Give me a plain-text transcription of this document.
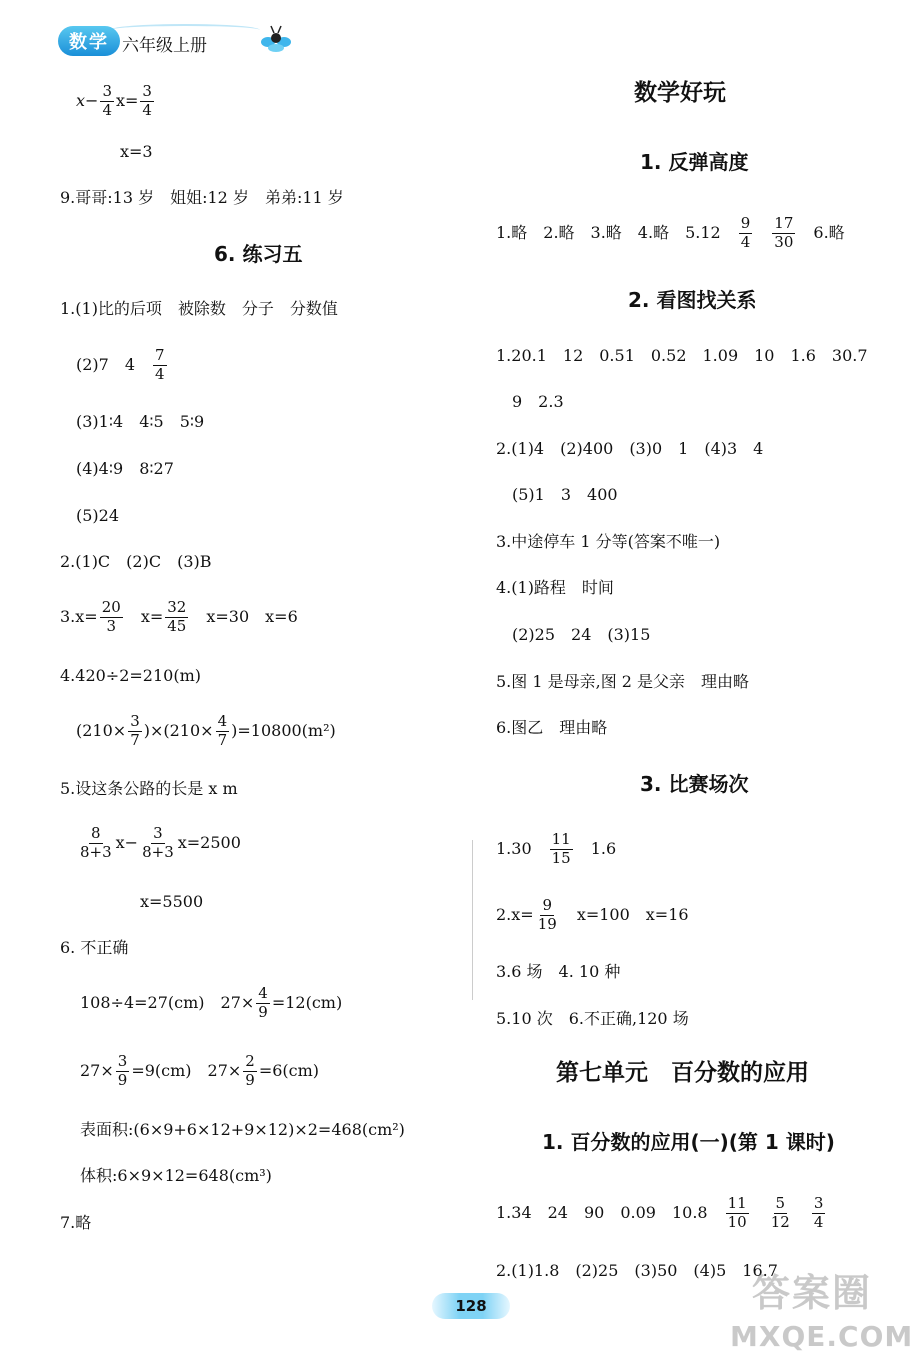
数学 六年级上册
$x- \frac{3}{4} x= \frac{3}{4}$
x=3
9.哥哥:13 岁　姐姐:12 岁　弟弟:11 岁
6. 练习五
1.(1)比的后项　被除数　分子　分数值
(2)7　4　 $\frac{7}{4}$
(3)1∶4　4∶5　5∶9
(4)4∶9　8∶27
(5)24
2.(1)C　(2)C　(3)B
$3.x= \frac{20}{3}$
　 $x= \frac{32}{45}$
　 x=30　x=6
4.420÷2=210(m)
$(210\times \frac{3}{7} )\times(210\times \frac{4}{7} )=10800(m^2)$
5.设这条公路的长是 x m
$\frac{8}{8+3} x- \frac{3}{8+3} x=2500$
x=5500
6. 不正确
108÷4=27(cm)　$27\times \frac{4}{9} =12(cm)$
$27\times \frac{3}{9} =9(cm)$　$27\times \frac{2}{9} =6(cm)$
表面积:(6×9+6×12+9×12)×2=468(cm²)
体积:6×9×12=648(cm³)
7.略
数学好玩
1. 反弹高度
1.略　2.略　3.略　4.略　5.12　 $\frac{9}{4}$
　 $\frac{17}{30}$
　 6.略
2. 看图找关系
1.20.1　12　0.51　0.52　1.09　10　1.6　30.7
9　2.3
2.(1)4　(2)400　(3)0　1　(4)3　4
(5)1　3　400
3.中途停车 1 分等(答案不唯一)
4.(1)路程　时间
(2)25　24　(3)15
5.图 1 是母亲,图 2 是父亲　理由略
6.图乙　理由略
3. 比赛场次
1.30　 $\frac{11}{15}$
　 1.6
$2.x= \frac{9}{19}$
　 x=100　x=16
3.6 场　4. 10 种
5.10 次　6.不正确,120 场
第七单元　百分数的应用
1. 百分数的应用(一)(第 1 课时)
1.34　24　90　0.09　10.8　 $\frac{11}{10}$
　 $\frac{5}{12}$
　 $\frac{3}{4}$
2.(1)1.8　(2)25　(3)50　(4)5　16.7
128	答案圈
MXQE.COM
